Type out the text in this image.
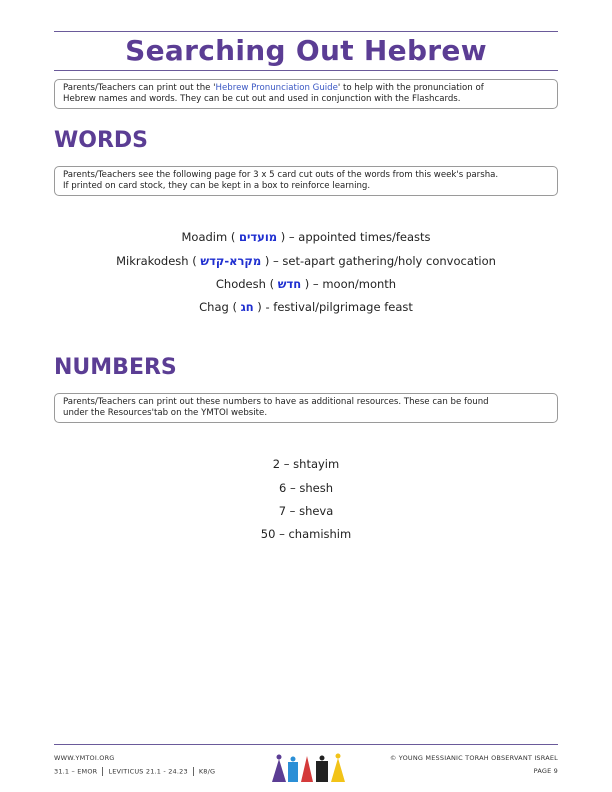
Searching Out Hebrew
Parents/Teachers can print out the 'Hebrew Pronunciation Guide' to help with the pronunciation of
Hebrew names and words. They can be cut out and used in conjunction with the Flashcards.
WORDS
Parents/Teachers see the following page for 3 x 5 card cut outs of the words from this week's parsha.
If printed on card stock, they can be kept in a box to reinforce learning.
Moadim ( מועדים ) – appointed times/feasts
Mikrakodesh ( מקרא-קדש ) – set-apart gathering/holy convocation
Chodesh ( חדש ) – moon/month
Chag ( חג ) - festival/pilgrimage feast
NUMBERS
Parents/Teachers can print out these numbers to have as additional resources. These can be found
under the Resources'tab on the YMTOI website.
2 – shtayim
6 – shesh
7 – sheva
50 – chamishim
WWW.YMTOI.ORG
31.1 – EMOR LEVITICUS 21.1 - 24.23 K8/G
© YOUNG MESSIANIC TORAH OBSERVANT ISRAEL
PAGE 9
